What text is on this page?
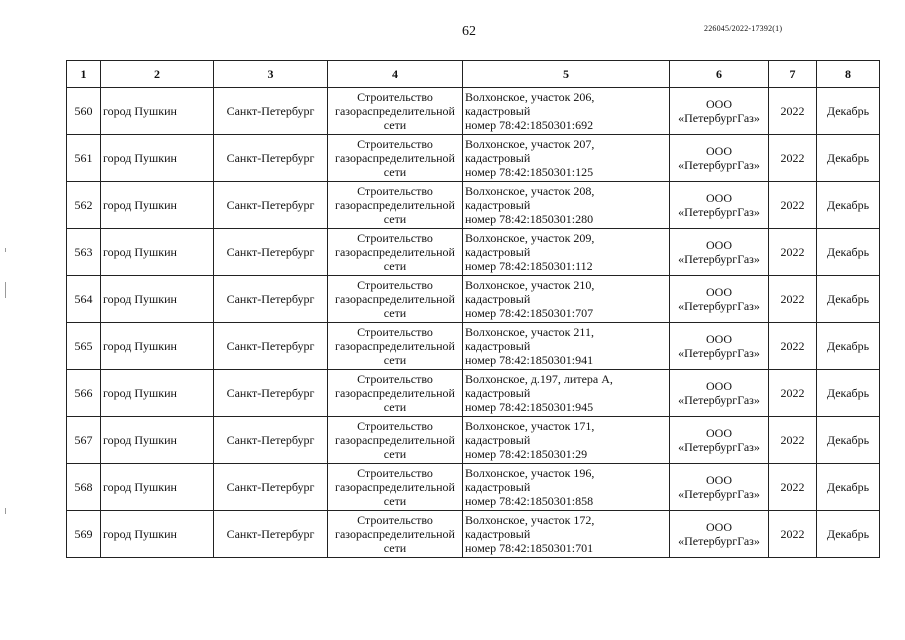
62	226045/2022-17392(1)
1	2	3	4	5	6	7	8
560	город Пушкин	Санкт-Петербург	Строительство газораспределительной сети	Волхонское, участок 206,
кадастровый
номер 78:42:1850301:692	ООО «ПетербургГаз»	2022	Декабрь
561	город Пушкин	Санкт-Петербург	Строительство газораспределительной сети	Волхонское, участок 207,
кадастровый
номер 78:42:1850301:125	ООО «ПетербургГаз»	2022	Декабрь
562	город Пушкин	Санкт-Петербург	Строительство газораспределительной сети	Волхонское, участок 208,
кадастровый
номер 78:42:1850301:280	ООО «ПетербургГаз»	2022	Декабрь
563	город Пушкин	Санкт-Петербург	Строительство газораспределительной сети	Волхонское, участок 209,
кадастровый
номер 78:42:1850301:112	ООО «ПетербургГаз»	2022	Декабрь
564	город Пушкин	Санкт-Петербург	Строительство газораспределительной сети	Волхонское, участок 210,
кадастровый
номер 78:42:1850301:707	ООО «ПетербургГаз»	2022	Декабрь
565	город Пушкин	Санкт-Петербург	Строительство газораспределительной сети	Волхонское, участок 211,
кадастровый
номер 78:42:1850301:941	ООО «ПетербургГаз»	2022	Декабрь
566	город Пушкин	Санкт-Петербург	Строительство газораспределительной сети	Волхонское, д.197, литера А,
кадастровый
номер 78:42:1850301:945	ООО «ПетербургГаз»	2022	Декабрь
567	город Пушкин	Санкт-Петербург	Строительство газораспределительной сети	Волхонское, участок 171,
кадастровый
номер 78:42:1850301:29	ООО «ПетербургГаз»	2022	Декабрь
568	город Пушкин	Санкт-Петербург	Строительство газораспределительной сети	Волхонское, участок 196,
кадастровый
номер 78:42:1850301:858	ООО «ПетербургГаз»	2022	Декабрь
569	город Пушкин	Санкт-Петербург	Строительство газораспределительной сети	Волхонское, участок 172,
кадастровый
номер 78:42:1850301:701	ООО «ПетербургГаз»	2022	Декабрь
